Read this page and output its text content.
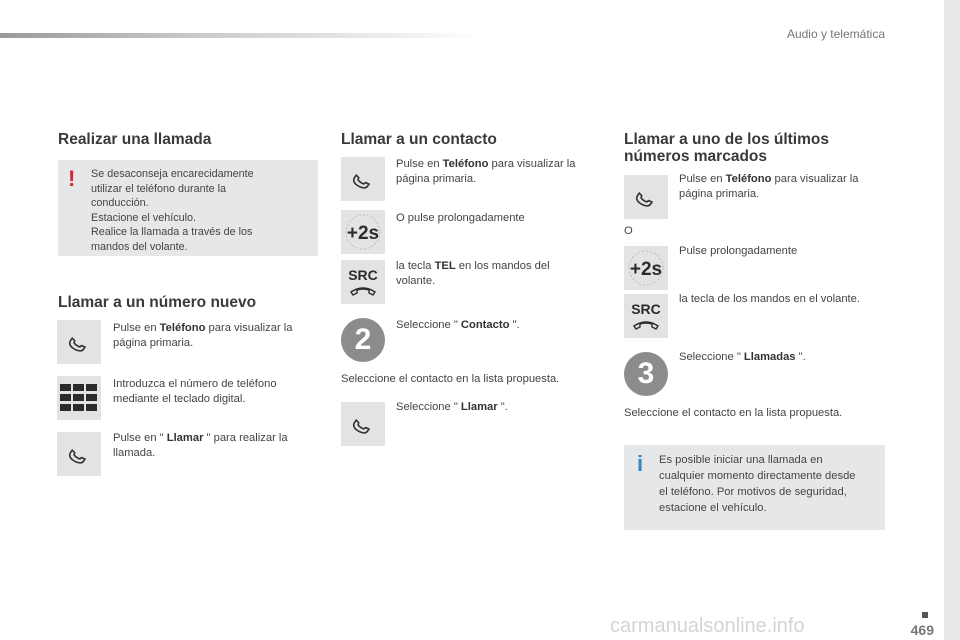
Audio y telemática
Realizar una llamada
! Se desaconseja encarecidamente
utilizar el teléfono durante la
conducción.
Estacione el vehículo.
Realice la llamada a través de los
mandos del volante.
Llamar a un número nuevo
Pulse en Teléfono para visualizar la
página primaria.
Introduzca el número de teléfono
mediante el teclado digital.
Pulse en " Llamar " para realizar la
llamada.
Llamar a un contacto
Pulse en Teléfono para visualizar la
página primaria.
+2s
O pulse prolongadamente
SRC
la tecla TEL en los mandos del
volante.
2	Seleccione " Contacto ".
Seleccione el contacto en la lista propuesta.
Seleccione " Llamar ".
Llamar a uno de los últimos
números marcados
Pulse en Teléfono para visualizar la
página primaria.
O
+2s
Pulse prolongadamente
SRC
la tecla de los mandos en el volante.
3	Seleccione " Llamadas ".
Seleccione el contacto en la lista propuesta.
i Es posible iniciar una llamada en
cualquier momento directamente desde
el teléfono. Por motivos de seguridad,
estacione el vehículo.
469
carmanualsonline.info
